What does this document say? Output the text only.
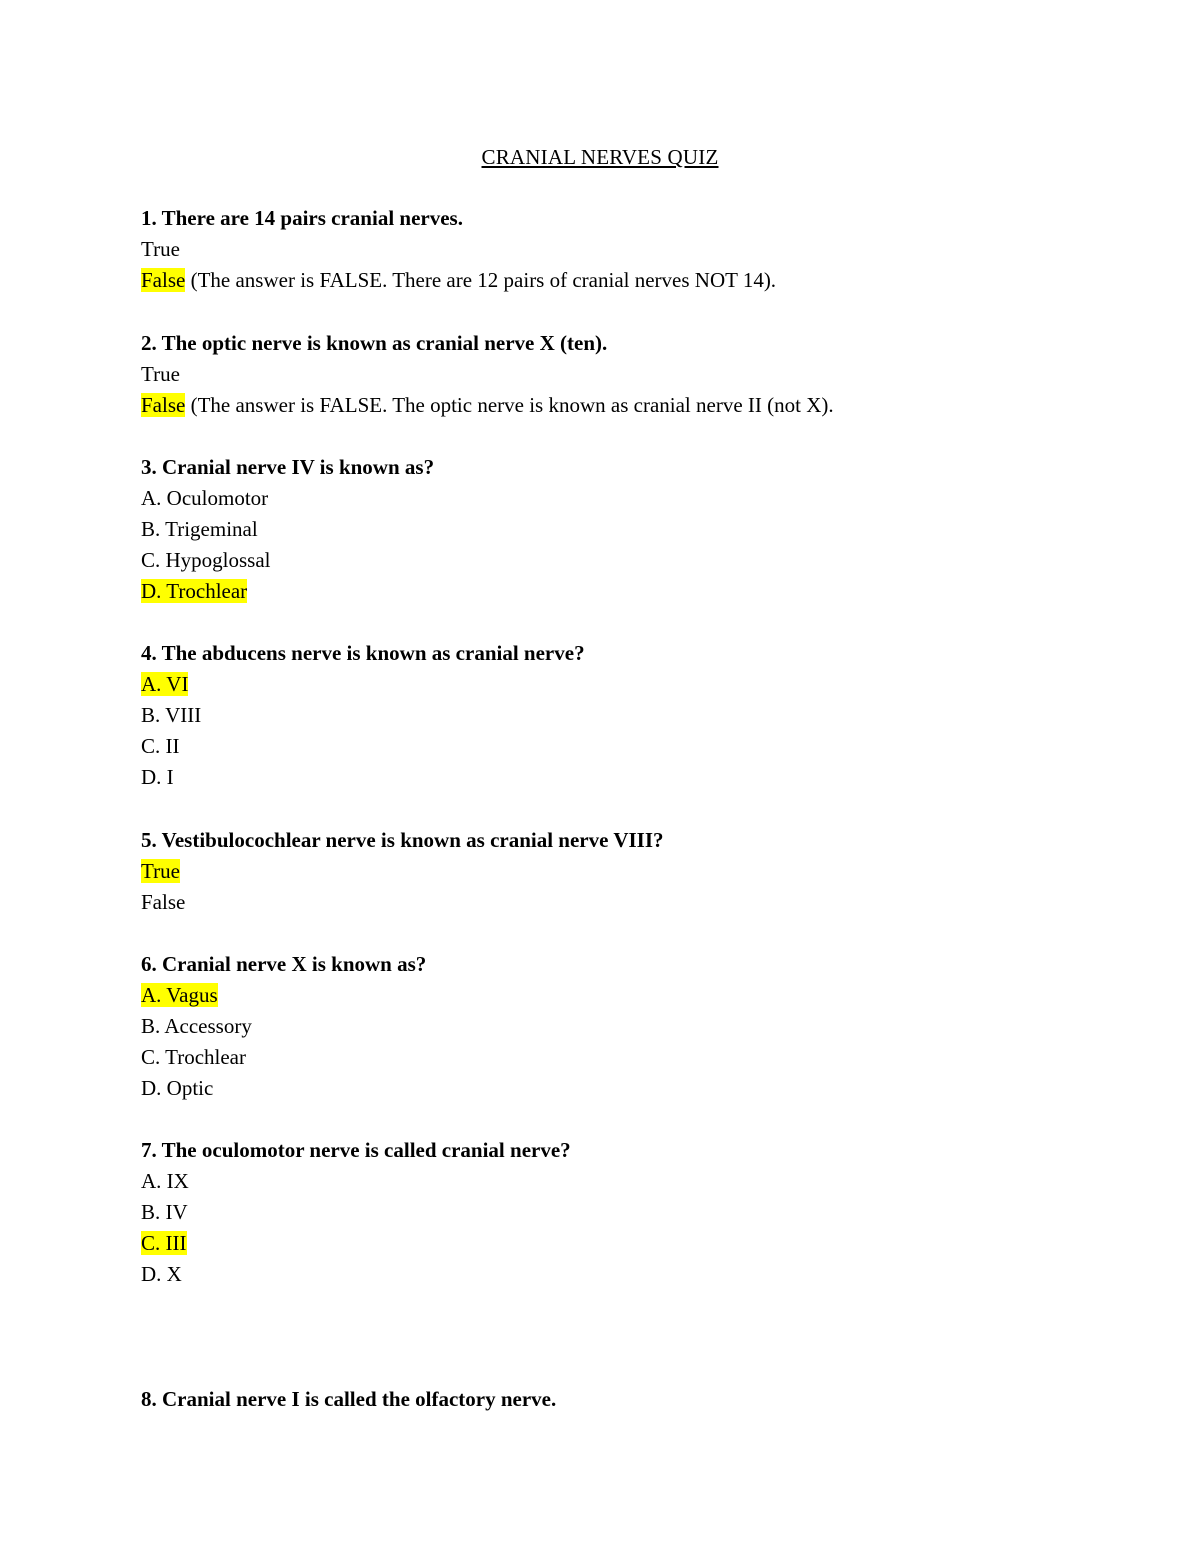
CRANIAL NERVES QUIZ
1. There are 14 pairs cranial nerves.
True
False (The answer is FALSE. There are 12 pairs of cranial nerves NOT 14).
2. The optic nerve is known as cranial nerve X (ten).
True
False (The answer is FALSE. The optic nerve is known as cranial nerve II (not X).
3. Cranial nerve IV is known as?
A. Oculomotor
B. Trigeminal
C. Hypoglossal
D. Trochlear
4. The abducens nerve is known as cranial nerve?
A. VI
B. VIII
C. II
D. I
5. Vestibulocochlear nerve is known as cranial nerve VIII?
True
False
6. Cranial nerve X is known as?
A. Vagus
B. Accessory
C. Trochlear
D. Optic
7. The oculomotor nerve is called cranial nerve?
A. IX
B. IV
C. III
D. X
8. Cranial nerve I is called the olfactory nerve.
